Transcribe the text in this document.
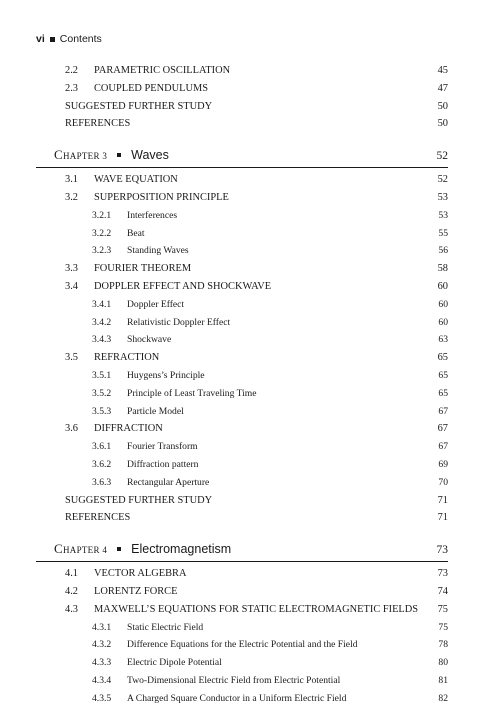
vi Contents
2.2 PARAMETRIC OSCILLATION	45
2.3 COUPLED PENDULUMS	47
SUGGESTED FURTHER STUDY	50
REFERENCES	50
CHAPTER 3 Waves	52
3.1 WAVE EQUATION	52
3.2 SUPERPOSITION PRINCIPLE	53
3.2.1 Interferences	53
3.2.2 Beat	55
3.2.3 Standing Waves	56
3.3 FOURIER THEOREM	58
3.4 DOPPLER EFFECT AND SHOCKWAVE	60
3.4.1 Doppler Effect	60
3.4.2 Relativistic Doppler Effect	60
3.4.3 Shockwave	63
3.5 REFRACTION	65
3.5.1 Huygens’s Principle	65
3.5.2 Principle of Least Traveling Time	65
3.5.3 Particle Model	67
3.6 DIFFRACTION	67
3.6.1 Fourier Transform	67
3.6.2 Diffraction pattern	69
3.6.3 Rectangular Aperture	70
SUGGESTED FURTHER STUDY	71
REFERENCES	71
CHAPTER 4 Electromagnetism	73
4.1 VECTOR ALGEBRA	73
4.2 LORENTZ FORCE	74
4.3 MAXWELL’S EQUATIONS FOR STATIC ELECTROMAGNETIC FIELDS 75
4.3.1 Static Electric Field	75
4.3.2 Difference Equations for the Electric Potential and the Field	78
4.3.3 Electric Dipole Potential	80
4.3.4 Two-Dimensional Electric Field from Electric Potential	81
4.3.5 A Charged Square Conductor in a Uniform Electric Field	82
